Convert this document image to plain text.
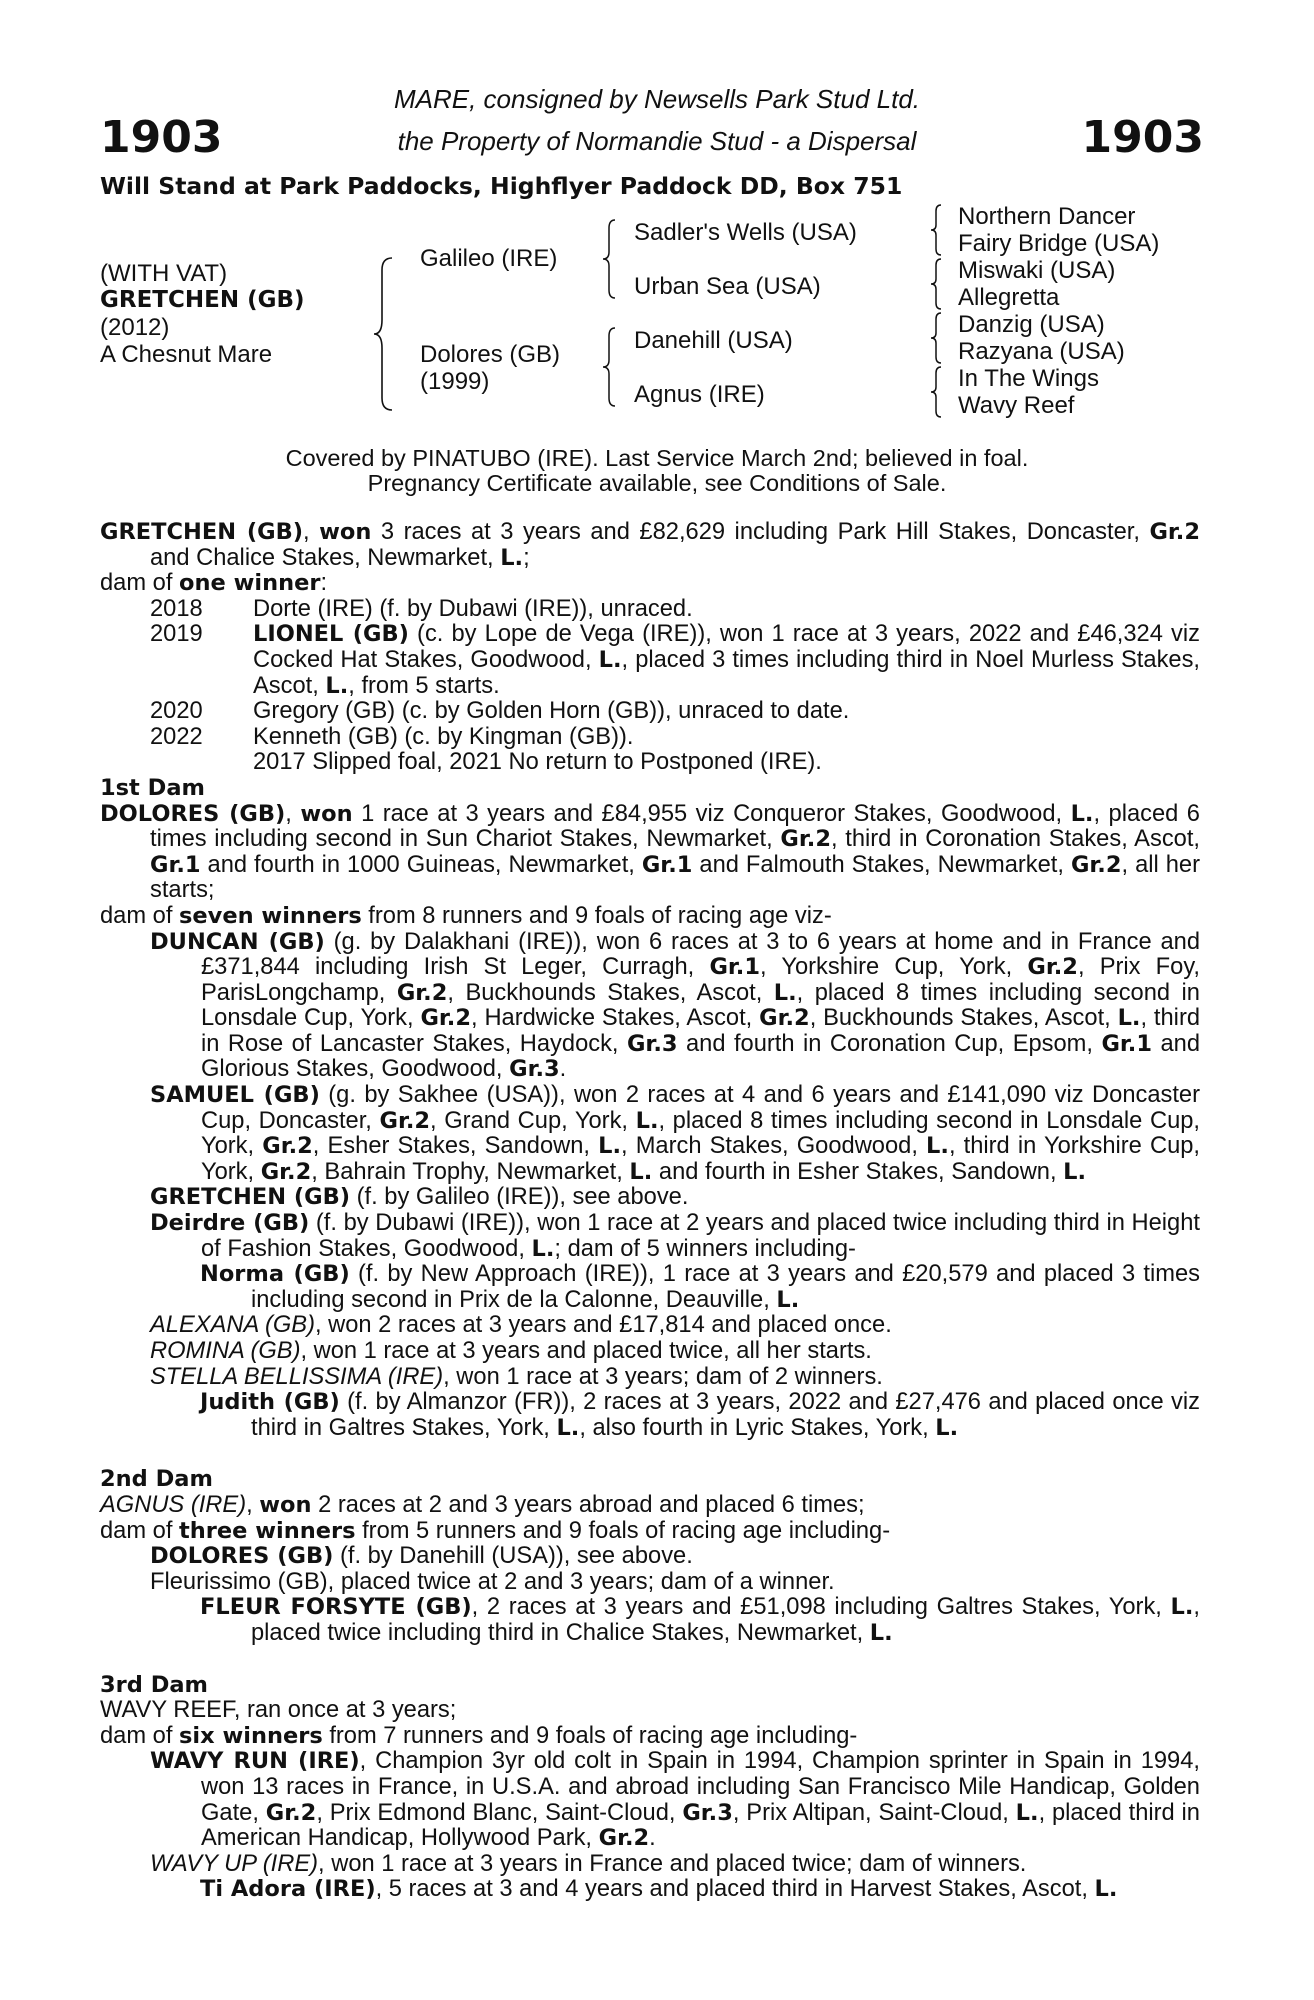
1903	1903
MARE, consigned by Newsells Park Stud Ltd.
the Property of Normandie Stud - a Dispersal
Will Stand at Park Paddocks, Highflyer Paddock DD, Box 751
(WITH VAT)
GRETCHEN (GB)
(2012)
A Chesnut Mare
Galileo (IRE)
Dolores (GB)
(1999)
Sadler's Wells (USA)
Urban Sea (USA)
Danehill (USA)
Agnus (IRE)
Northern Dancer
Fairy Bridge (USA)
Miswaki (USA)
Allegretta
Danzig (USA)
Razyana (USA)
In The Wings
Wavy Reef
Covered by PINATUBO (IRE). Last Service March 2nd; believed in foal.
Pregnancy Certificate available, see Conditions of Sale.

GRETCHEN (GB), won 3 races at 3 years and £82,629 including Park Hill Stakes, Doncaster, Gr.2 and Chalice Stakes, Newmarket, L.;

dam of one winner:

2018	Dorte (IRE) (f. by Dubawi (IRE)), unraced.
2019	LIONEL (GB) (c. by Lope de Vega (IRE)), won 1 race at 3 years, 2022 and £46,324 viz Cocked Hat Stakes, Goodwood, L., placed 3 times including third in Noel Murless Stakes, Ascot, L., from 5 starts.
2020	Gregory (GB) (c. by Golden Horn (GB)), unraced to date.
2022	Kenneth (GB) (c. by Kingman (GB)).
2017 Slipped foal, 2021 No return to Postponed (IRE).

1st Dam

DOLORES (GB), won 1 race at 3 years and £84,955 viz Conqueror Stakes, Goodwood, L., placed 6 times including second in Sun Chariot Stakes, Newmarket, Gr.2, third in Coronation Stakes, Ascot, Gr.1 and fourth in 1000 Guineas, Newmarket, Gr.1 and Falmouth Stakes, Newmarket, Gr.2, all her starts;

dam of seven winners from 8 runners and 9 foals of racing age viz-

DUNCAN (GB) (g. by Dalakhani (IRE)), won 6 races at 3 to 6 years at home and in France and £371,844 including Irish St Leger, Curragh, Gr.1, Yorkshire Cup, York, Gr.2, Prix Foy, ParisLongchamp, Gr.2, Buckhounds Stakes, Ascot, L., placed 8 times including second in Lonsdale Cup, York, Gr.2, Hardwicke Stakes, Ascot, Gr.2, Buckhounds Stakes, Ascot, L., third in Rose of Lancaster Stakes, Haydock, Gr.3 and fourth in Coronation Cup, Epsom, Gr.1 and Glorious Stakes, Goodwood, Gr.3.

SAMUEL (GB) (g. by Sakhee (USA)), won 2 races at 4 and 6 years and £141,090 viz Doncaster Cup, Doncaster, Gr.2, Grand Cup, York, L., placed 8 times including second in Lonsdale Cup, York, Gr.2, Esher Stakes, Sandown, L., March Stakes, Goodwood, L., third in Yorkshire Cup, York, Gr.2, Bahrain Trophy, Newmarket, L. and fourth in Esher Stakes, Sandown, L.

GRETCHEN (GB) (f. by Galileo (IRE)), see above.

Deirdre (GB) (f. by Dubawi (IRE)), won 1 race at 2 years and placed twice including third in Height of Fashion Stakes, Goodwood, L.; dam of 5 winners including-

Norma (GB) (f. by New Approach (IRE)), 1 race at 3 years and £20,579 and placed 3 times including second in Prix de la Calonne, Deauville, L.

ALEXANA (GB), won 2 races at 3 years and £17,814 and placed once.

ROMINA (GB), won 1 race at 3 years and placed twice, all her starts.

STELLA BELLISSIMA (IRE), won 1 race at 3 years; dam of 2 winners.

Judith (GB) (f. by Almanzor (FR)), 2 races at 3 years, 2022 and £27,476 and placed once viz third in Galtres Stakes, York, L., also fourth in Lyric Stakes, York, L.

2nd Dam

AGNUS (IRE), won 2 races at 2 and 3 years abroad and placed 6 times;

dam of three winners from 5 runners and 9 foals of racing age including-

DOLORES (GB) (f. by Danehill (USA)), see above.

Fleurissimo (GB), placed twice at 2 and 3 years; dam of a winner.

FLEUR FORSYTE (GB), 2 races at 3 years and £51,098 including Galtres Stakes, York, L., placed twice including third in Chalice Stakes, Newmarket, L.

3rd Dam

WAVY REEF, ran once at 3 years;

dam of six winners from 7 runners and 9 foals of racing age including-

WAVY RUN (IRE), Champion 3yr old colt in Spain in 1994, Champion sprinter in Spain in 1994, won 13 races in France, in U.S.A. and abroad including San Francisco Mile Handicap, Golden Gate, Gr.2, Prix Edmond Blanc, Saint-Cloud, Gr.3, Prix Altipan, Saint-Cloud, L., placed third in American Handicap, Hollywood Park, Gr.2.

WAVY UP (IRE), won 1 race at 3 years in France and placed twice; dam of winners.

Ti Adora (IRE), 5 races at 3 and 4 years and placed third in Harvest Stakes, Ascot, L.
